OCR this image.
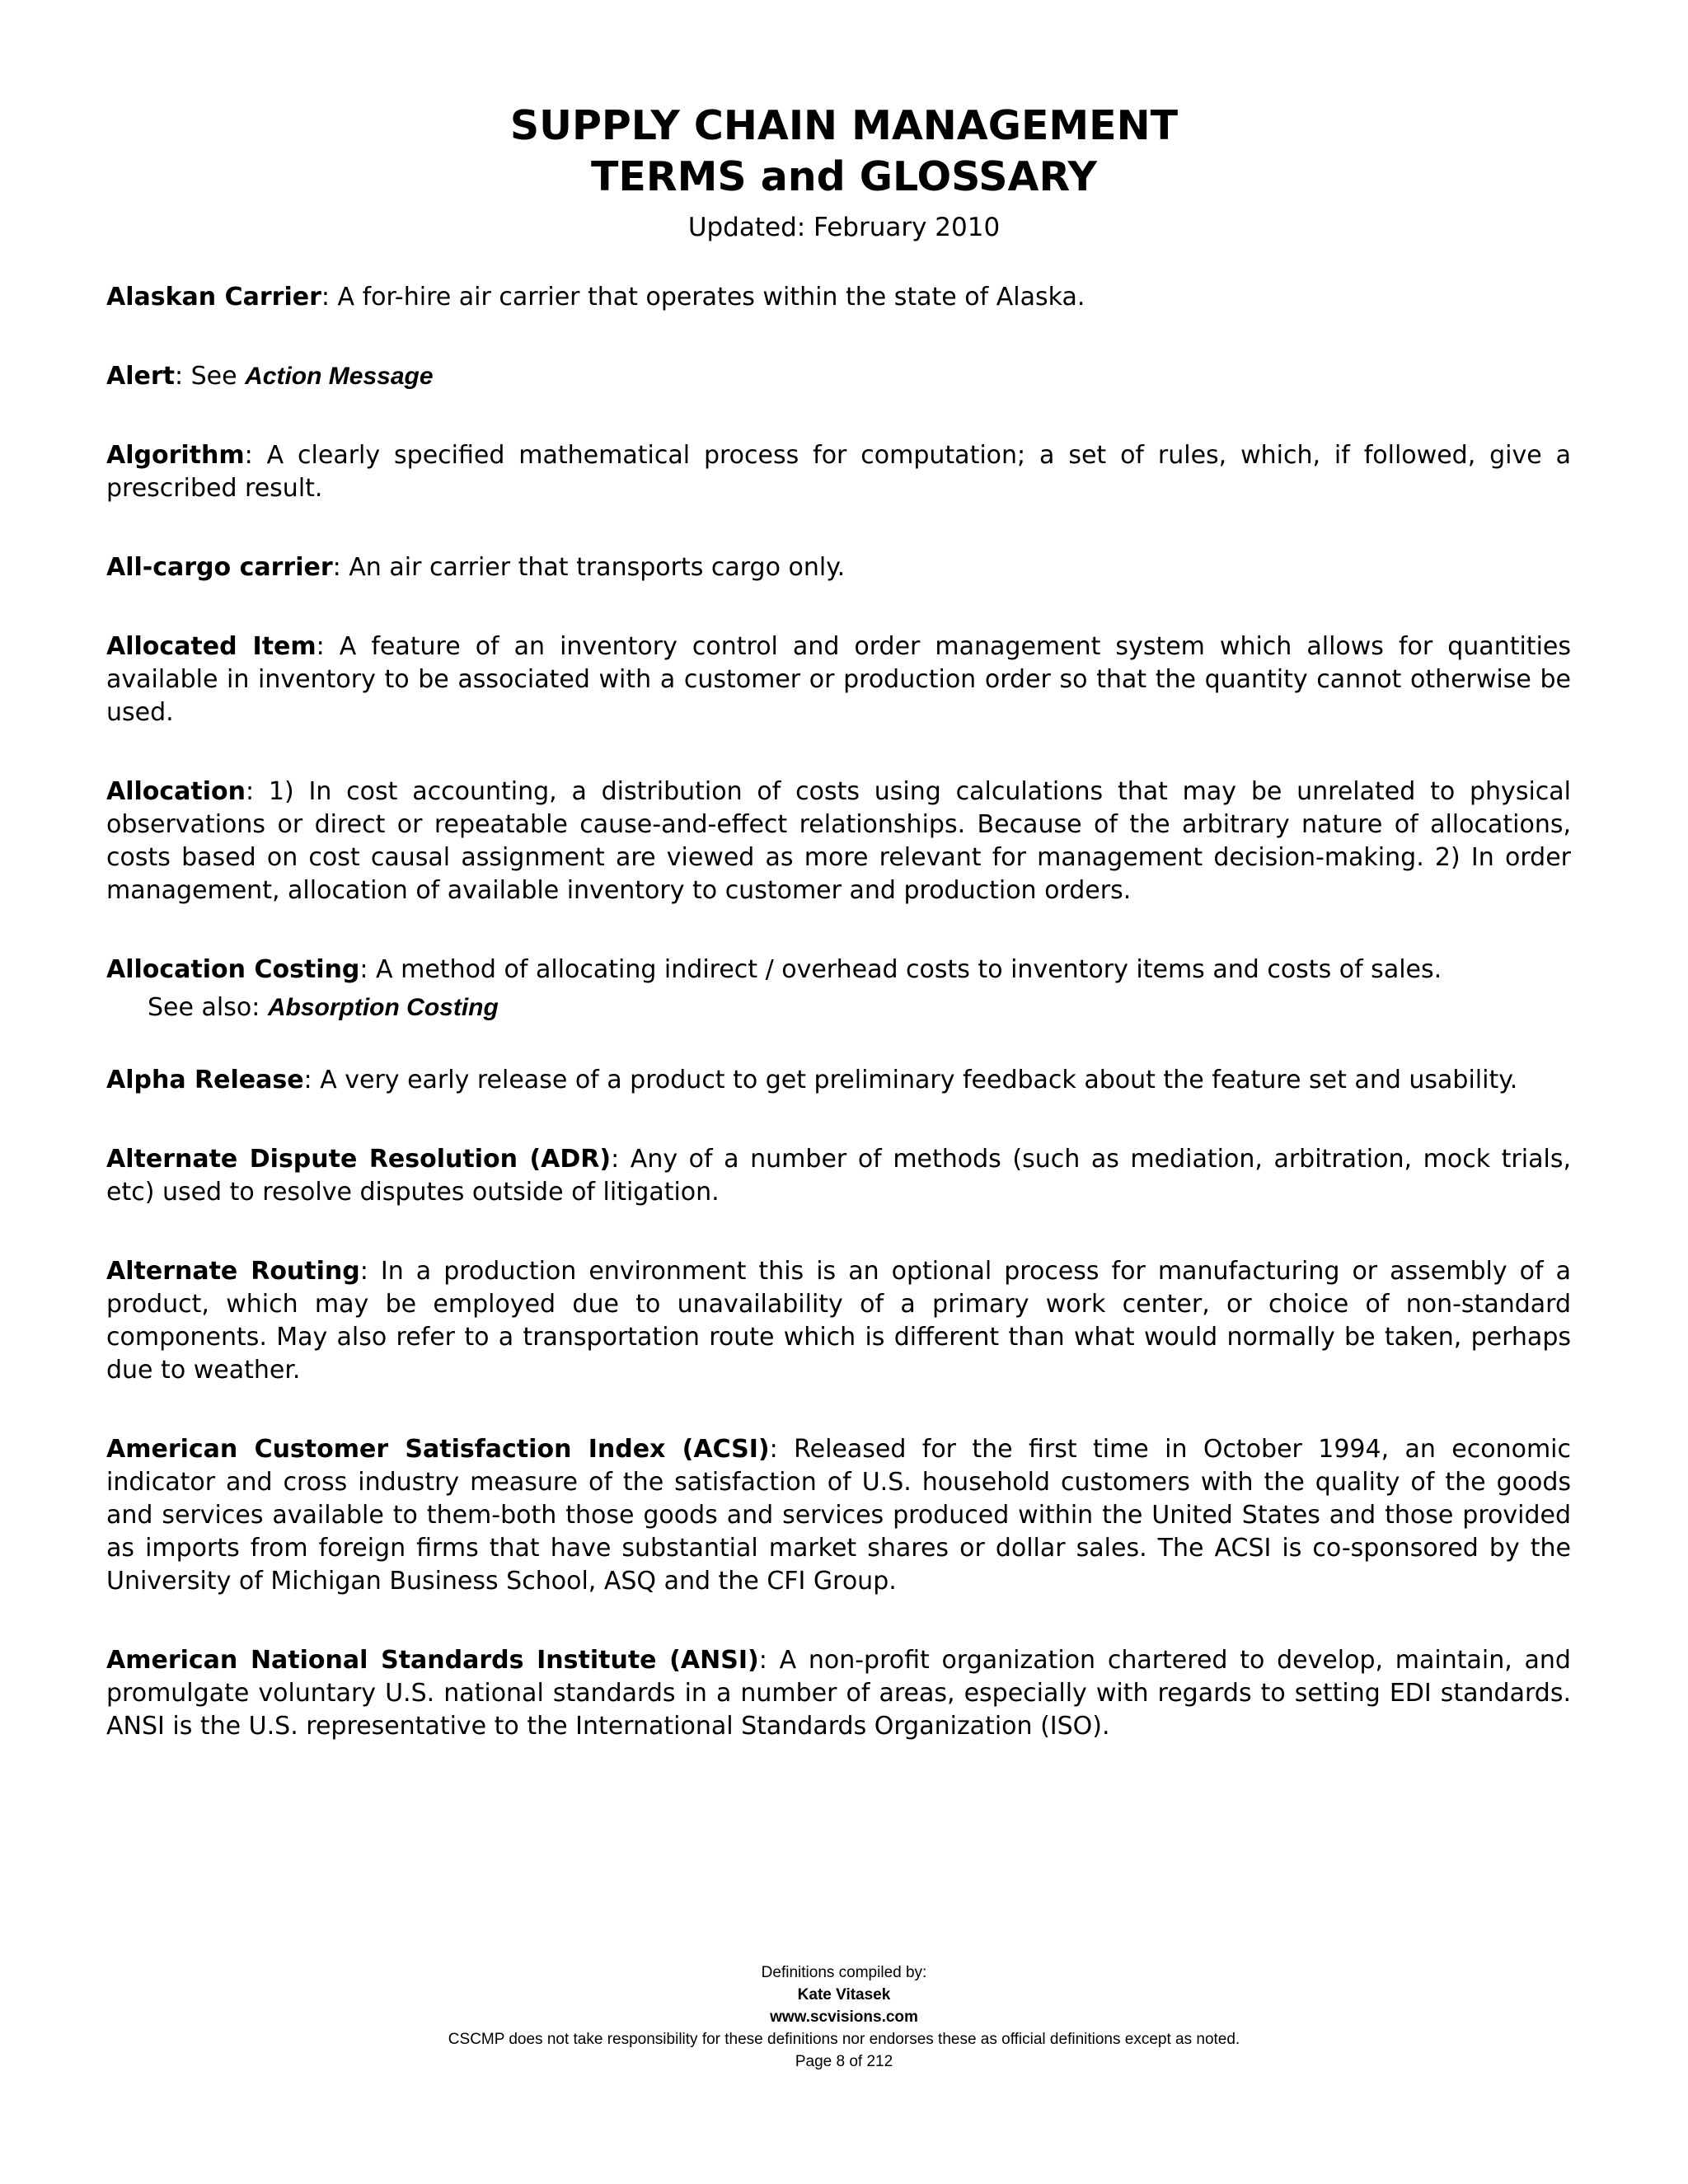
SUPPLY CHAIN MANAGEMENT
TERMS and GLOSSARY
Updated: February 2010

Alaskan Carrier: A for-hire air carrier that operates within the state of Alaska.

Alert: See Action Message

Algorithm: A clearly specified mathematical process for computation; a set of rules, which, if followed, give a prescribed result.

All-cargo carrier: An air carrier that transports cargo only.

Allocated Item: A feature of an inventory control and order management system which allows for quantities available in inventory to be associated with a customer or production order so that the quantity cannot otherwise be used.

Allocation: 1) In cost accounting, a distribution of costs using calculations that may be unrelated to physical observations or direct or repeatable cause-and-effect relationships. Because of the arbitrary nature of allocations, costs based on cost causal assignment are viewed as more relevant for management decision-making. 2) In order management, allocation of available inventory to customer and production orders.

Allocation Costing: A method of allocating indirect / overhead costs to inventory items and costs of sales.
See also: Absorption Costing

Alpha Release: A very early release of a product to get preliminary feedback about the feature set and usability.

Alternate Dispute Resolution (ADR): Any of a number of methods (such as mediation, arbitration, mock trials, etc) used to resolve disputes outside of litigation.

Alternate Routing: In a production environment this is an optional process for manufacturing or assembly of a product, which may be employed due to unavailability of a primary work center, or choice of non-standard components. May also refer to a transportation route which is different than what would normally be taken, perhaps due to weather.

American Customer Satisfaction Index (ACSI): Released for the first time in October 1994, an economic indicator and cross industry measure of the satisfaction of U.S. household customers with the quality of the goods and services available to them-both those goods and services produced within the United States and those provided as imports from foreign firms that have substantial market shares or dollar sales. The ACSI is co-sponsored by the University of Michigan Business School, ASQ and the CFI Group.

American National Standards Institute (ANSI): A non-profit organization chartered to develop, maintain, and promulgate voluntary U.S. national standards in a number of areas, especially with regards to setting EDI standards. ANSI is the U.S. representative to the International Standards Organization (ISO).

Definitions compiled by:
Kate Vitasek
www.scvisions.com
CSCMP does not take responsibility for these definitions nor endorses these as official definitions except as noted.
Page 8 of 212
